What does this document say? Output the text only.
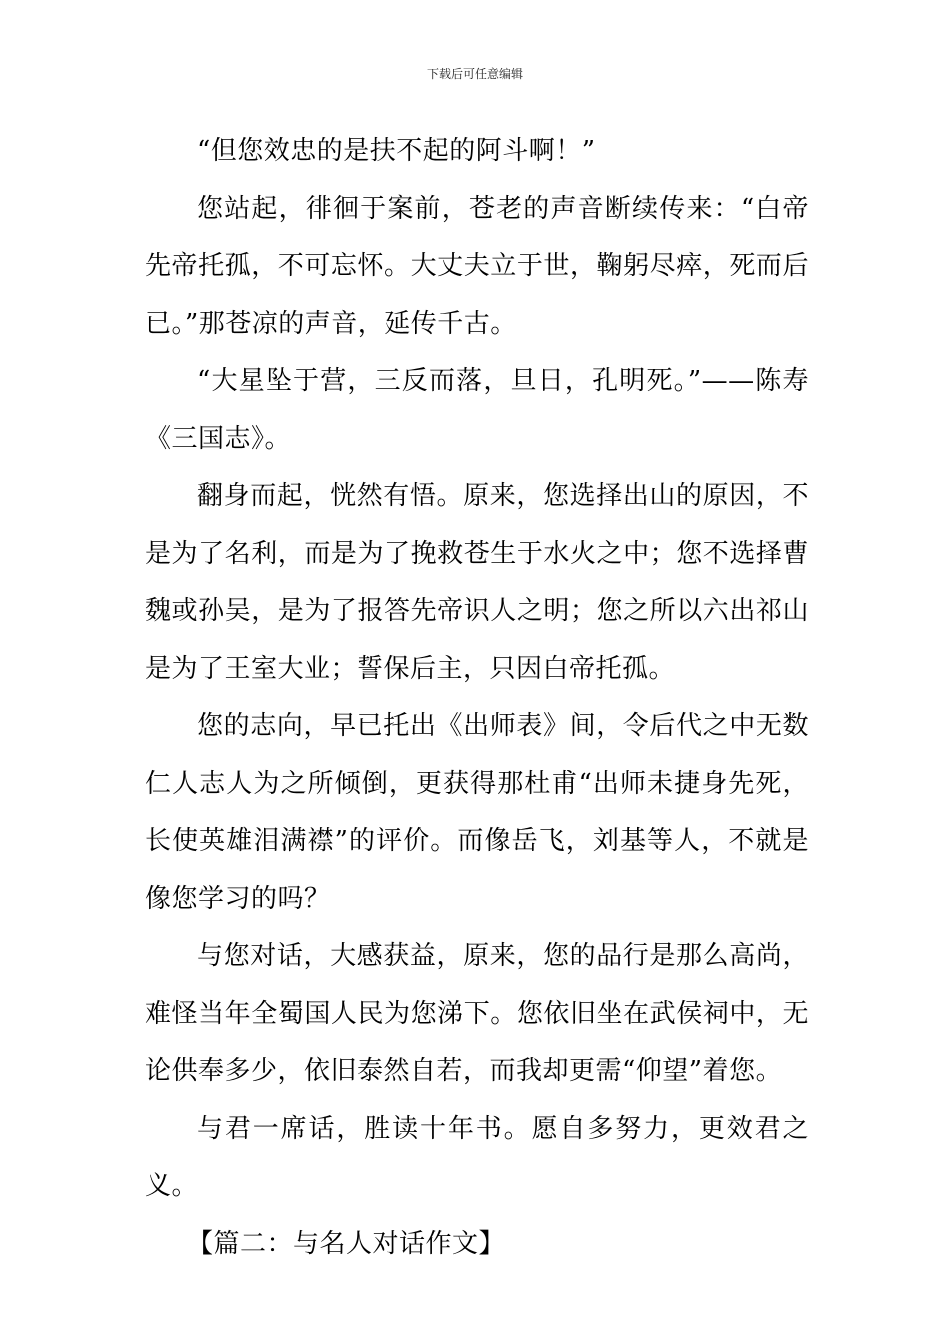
下载后可任意编辑

“但您效忠的是扶不起的阿斗啊！”

您站起，徘徊于案前，苍老的声音断续传来：“白帝先帝托孤，不可忘怀。大丈夫立于世，鞠躬尽瘁，死而后已。”那苍凉的声音，延传千古。

“大星坠于营，三反而落，旦日，孔明死。”——陈寿《三国志》。

翻身而起，恍然有悟。原来，您选择出山的原因，不是为了名利，而是为了挽救苍生于水火之中；您不选择曹魏或孙吴，是为了报答先帝识人之明；您之所以六出祁山是为了王室大业；誓保后主，只因白帝托孤。

您的志向，早已托出《出师表》间，令后代之中无数仁人志人为之所倾倒，更获得那杜甫“出师未捷身先死，长使英雄泪满襟”的评价。而像岳飞，刘基等人，不就是像您学习的吗？

与您对话，大感获益，原来，您的品行是那么高尚，难怪当年全蜀国人民为您涕下。您依旧坐在武侯祠中，无论供奉多少，依旧泰然自若，而我却更需“仰望”着您。

与君一席话，胜读十年书。愿自多努力，更效君之义。

【篇二：与名人对话作文】
